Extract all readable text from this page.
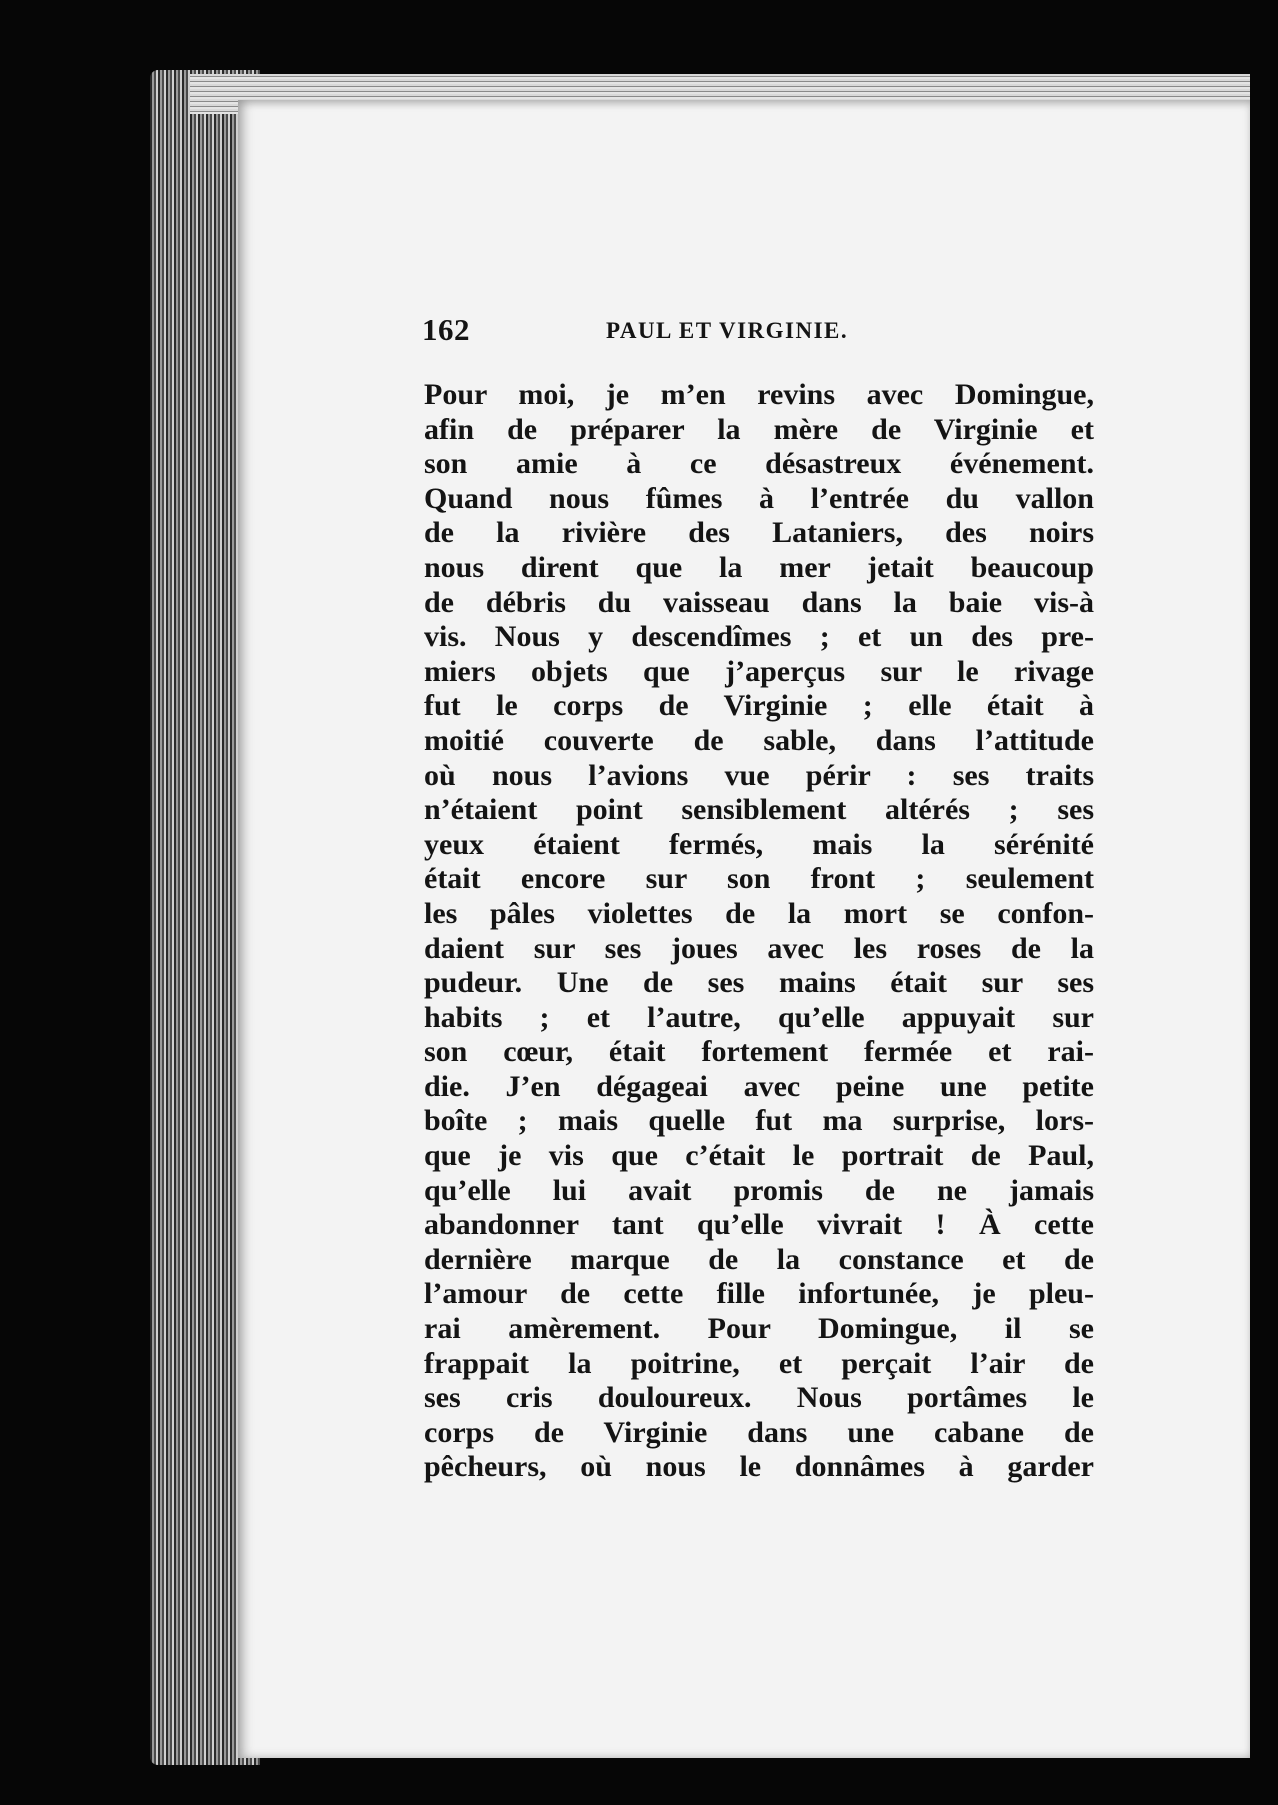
162	PAUL ET VIRGINIE.
Pour moi, je m’en revins avec Domingue,
afin de préparer la mère de Virginie et
son amie à ce désastreux événement.
Quand nous fûmes à l’entrée du vallon
de la rivière des Lataniers, des noirs
nous dirent que la mer jetait beaucoup
de débris du vaisseau dans la baie vis-à
vis. Nous y descendîmes ; et un des pre-
miers objets que j’aperçus sur le rivage
fut le corps de Virginie ; elle était à
moitié couverte de sable, dans l’attitude
où nous l’avions vue périr : ses traits
n’étaient point sensiblement altérés ; ses
yeux étaient fermés, mais la sérénité
était encore sur son front ; seulement
les pâles violettes de la mort se confon-
daient sur ses joues avec les roses de la
pudeur. Une de ses mains était sur ses
habits ; et l’autre, qu’elle appuyait sur
son cœur, était fortement fermée et rai-
die. J’en dégageai avec peine une petite
boîte ; mais quelle fut ma surprise, lors-
que je vis que c’était le portrait de Paul,
qu’elle lui avait promis de ne jamais
abandonner tant qu’elle vivrait ! À cette
dernière marque de la constance et de
l’amour de cette fille infortunée, je pleu-
rai amèrement. Pour Domingue, il se
frappait la poitrine, et perçait l’air de
ses cris douloureux. Nous portâmes le
corps de Virginie dans une cabane de
pêcheurs, où nous le donnâmes à garder
